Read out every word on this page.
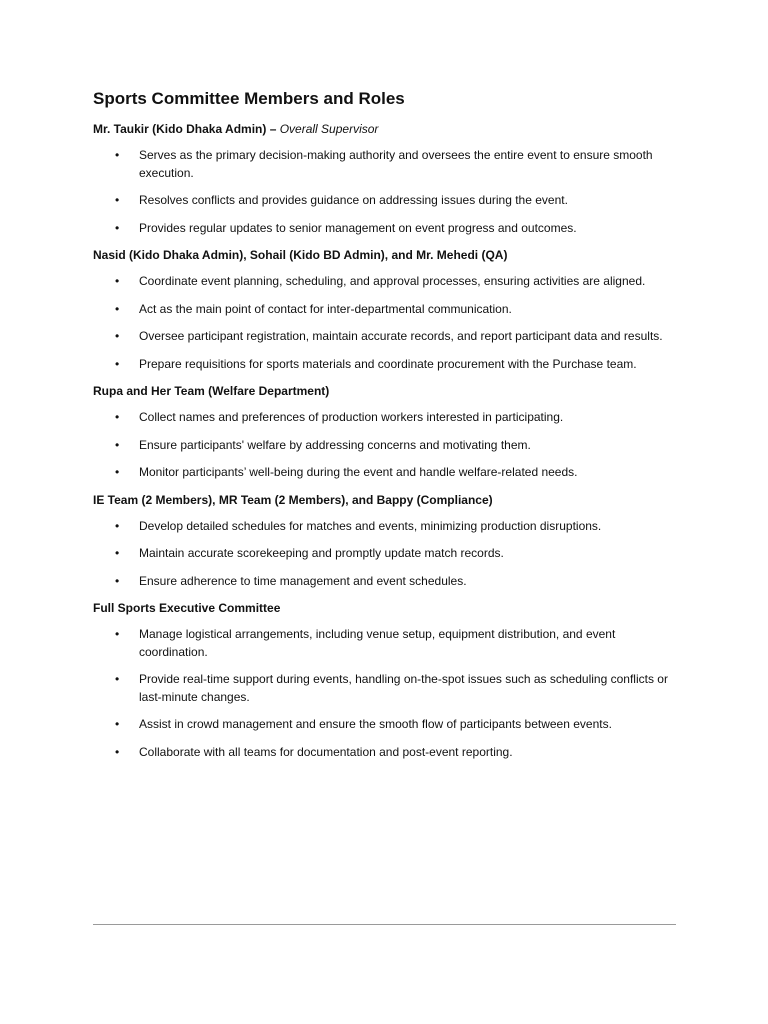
Sports Committee Members and Roles
Mr. Taukir (Kido Dhaka Admin) – Overall Supervisor
• Serves as the primary decision-making authority and oversees the entire event to ensure smooth execution.
• Resolves conflicts and provides guidance on addressing issues during the event.
• Provides regular updates to senior management on event progress and outcomes.
Nasid (Kido Dhaka Admin), Sohail (Kido BD Admin), and Mr. Mehedi (QA)
• Coordinate event planning, scheduling, and approval processes, ensuring activities are aligned.
• Act as the main point of contact for inter-departmental communication.
• Oversee participant registration, maintain accurate records, and report participant data and results.
• Prepare requisitions for sports materials and coordinate procurement with the Purchase team.
Rupa and Her Team (Welfare Department)
• Collect names and preferences of production workers interested in participating.
• Ensure participants' welfare by addressing concerns and motivating them.
• Monitor participants’ well-being during the event and handle welfare-related needs.
IE Team (2 Members), MR Team (2 Members), and Bappy (Compliance)
• Develop detailed schedules for matches and events, minimizing production disruptions.
• Maintain accurate scorekeeping and promptly update match records.
• Ensure adherence to time management and event schedules.
Full Sports Executive Committee
• Manage logistical arrangements, including venue setup, equipment distribution, and event coordination.
• Provide real-time support during events, handling on-the-spot issues such as scheduling conflicts or last-minute changes.
• Assist in crowd management and ensure the smooth flow of participants between events.
• Collaborate with all teams for documentation and post-event reporting.
